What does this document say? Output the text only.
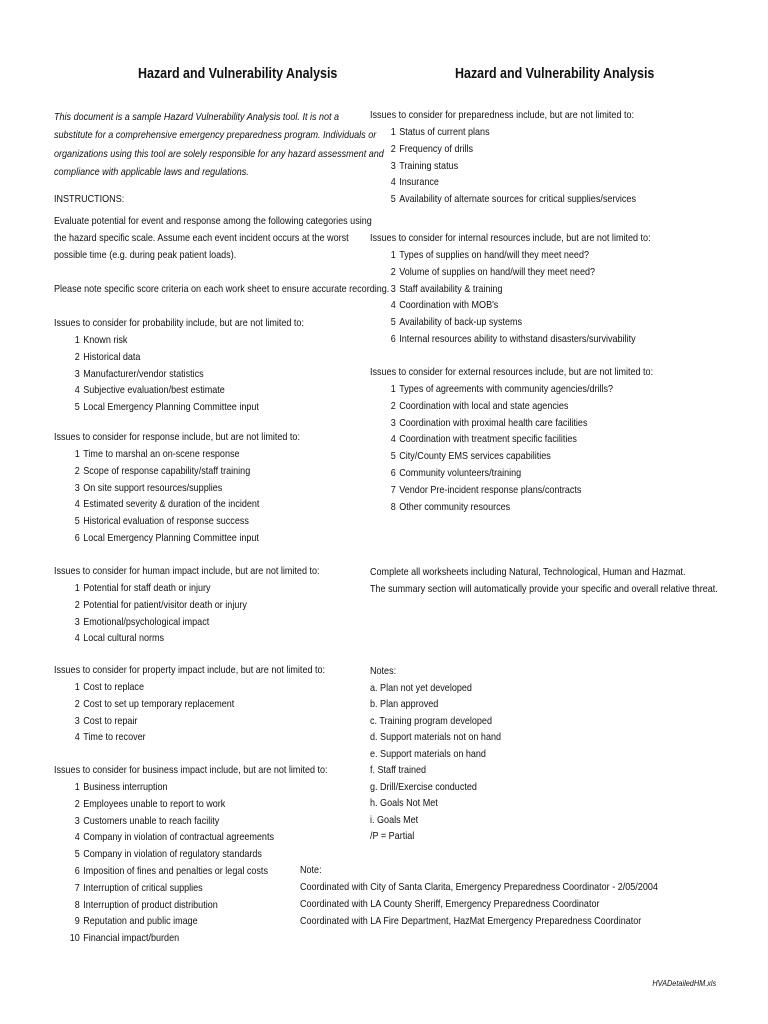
Hazard and Vulnerability Analysis	Hazard and Vulnerability Analysis
This document is a sample Hazard Vulnerability Analysis tool. It is not a
substitute for a comprehensive emergency preparedness program. Individuals or
organizations using this tool are solely responsible for any hazard assessment and
compliance with applicable laws and regulations.
INSTRUCTIONS:
Evaluate potential for event and response among the following categories using
the hazard specific scale. Assume each event incident occurs at the worst
possible time (e.g. during peak patient loads).
Please note specific score criteria on each work sheet to ensure accurate recording.
Issues to consider for probability include, but are not limited to:
1 Known risk
2 Historical data
3 Manufacturer/vendor statistics
4 Subjective evaluation/best estimate
5 Local Emergency Planning Committee input
Issues to consider for response include, but are not limited to:
1 Time to marshal an on-scene response
2 Scope of response capability/staff training
3 On site support resources/supplies
4 Estimated severity & duration of the incident
5 Historical evaluation of response success
6 Local Emergency Planning Committee input
Issues to consider for human impact include, but are not limited to:
1 Potential for staff death or injury
2 Potential for patient/visitor death or injury
3 Emotional/psychological impact
4 Local cultural norms
Issues to consider for property impact include, but are not limited to:
1 Cost to replace
2 Cost to set up temporary replacement
3 Cost to repair
4 Time to recover
Issues to consider for business impact include, but are not limited to:
1 Business interruption
2 Employees unable to report to work
3 Customers unable to reach facility
4 Company in violation of contractual agreements
5 Company in violation of regulatory standards
6 Imposition of fines and penalties or legal costs
7 Interruption of critical supplies
8 Interruption of product distribution
9 Reputation and public image
10 Financial impact/burden
Issues to consider for preparedness include, but are not limited to:
1 Status of current plans
2 Frequency of drills
3 Training status
4 Insurance
5 Availability of alternate sources for critical supplies/services
Issues to consider for internal resources include, but are not limited to:
1 Types of supplies on hand/will they meet need?
2 Volume of supplies on hand/will they meet need?
3 Staff availability & training
4 Coordination with MOB's
5 Availability of back-up systems
6 Internal resources ability to withstand disasters/survivability
Issues to consider for external resources include, but are not limited to:
1 Types of agreements with community agencies/drills?
2 Coordination with local and state agencies
3 Coordination with proximal health care facilities
4 Coordination with treatment specific facilities
5 City/County EMS services capabilities
6 Community volunteers/training
7 Vendor Pre-incident response plans/contracts
8 Other community resources
Complete all worksheets including Natural, Technological, Human and Hazmat.
The summary section will automatically provide your specific and overall relative threat.
Notes:
a. Plan not yet developed
b. Plan approved
c. Training program developed
d. Support materials not on hand
e. Support materials on hand
f. Staff trained
g. Drill/Exercise conducted
h. Goals Not Met
i. Goals Met
/P = Partial
Note:
Coordinated with City of Santa Clarita, Emergency Preparedness Coordinator - 2/05/2004
Coordinated with LA County Sheriff, Emergency Preparedness Coordinator
Coordinated with LA Fire Department, HazMat Emergency Preparedness Coordinator
HVADetailedHM.xls
